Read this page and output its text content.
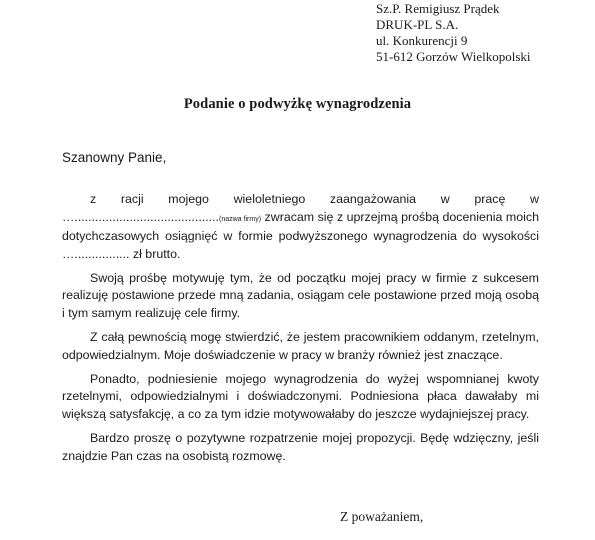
Sz.P. Remigiusz Prądek
DRUK-PL S.A.
ul. Konkurencji 9
51-612 Gorzów Wielkopolski
Podanie o podwyżkę wynagrodzenia
Szanowny Panie,

z racji mojego wieloletniego zaangażowania w pracę w …..........................................(nazwa firmy) zwracam się z uprzejmą prośbą docenienia moich dotychczasowych osiągnięć w formie podwyższonego wynagrodzenia do wysokości …................ zł brutto.

Swoją prośbę motywuję tym, że od początku mojej pracy w firmie z sukcesem realizuję postawione przede mną zadania, osiągam cele postawione przed moją osobą i tym samym realizuję cele firmy.

Z całą pewnością mogę stwierdzić, że jestem pracownikiem oddanym, rzetelnym, odpowiedzialnym. Moje doświadczenie w pracy w branży również jest znaczące.

Ponadto, podniesienie mojego wynagrodzenia do wyżej wspomnianej kwoty rzetelnymi, odpowiedzialnymi i doświadczonymi. Podniesiona płaca dawałaby mi większą satysfakcję, a co za tym idzie motywowałaby do jeszcze wydajniejszej pracy.

Bardzo proszę o pozytywne rozpatrzenie mojej propozycji. Będę wdzięczny, jeśli znajdzie Pan czas na osobistą rozmowę.

Z poważaniem,
